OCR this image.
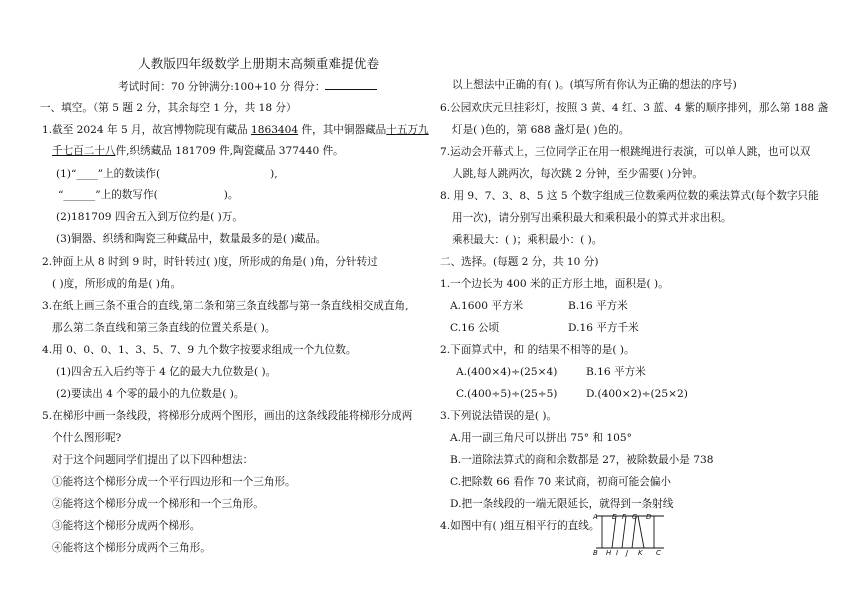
人教版四年级数学上册期末高频重难提优卷
考试时间：70 分钟满分:100+10 分 得分：
一、填空。（第 5 题 2 分，其余每空 1 分，共 18 分）
1.截至 2024 年 5 月，故宫博物院现有藏品 1863404 件，其中铜器藏品十五万九
千七百二十八件,织绣藏品 181709 件,陶瓷藏品 377440 件。
(1)“____”上的数读作(	),
“______”上的数写作(	)。
(2)181709 四舍五入到万位约是( )万。
(3)铜器、织绣和陶瓷三种藏品中，数量最多的是( )藏品。
2.钟面上从 8 时到 9 时，时针转过( )度，所形成的角是( )角，分针转过
( )度，所形成的角是( )角。
3.在纸上画三条不重合的直线,第二条和第三条直线都与第一条直线相交成直角,
那么第二条直线和第三条直线的位置关系是( )。
4.用 0、0、0、1、3、5、7、9 九个数字按要求组成一个九位数。
(1)四舍五入后约等于 4 亿的最大九位数是( )。
(2)要读出 4 个零的最小的九位数是( )。
5.在梯形中画一条线段，将梯形分成两个图形，画出的这条线段能将梯形分成两
个什么图形呢?
对于这个问题同学们提出了以下四种想法：
①能将这个梯形分成一个平行四边形和一个三角形。
②能将这个梯形分成一个梯形和一个三角形。
③能将这个梯形分成两个梯形。
④能将这个梯形分成两个三角形。
以上想法中正确的有( )。(填写所有你认为正确的想法的序号)
6.公园欢庆元旦挂彩灯，按照 3 黄、4 红、3 蓝、4 紫的顺序排列，那么第 188 盏
灯是( )色的，第 688 盏灯是( )色的。
7.运动会开幕式上，三位同学正在用一根跳绳进行表演，可以单人跳，也可以双
人跳,每人跳两次，每次跳 2 分钟，至少需要( )分钟。
8. 用 9、7、3、8、5 这 5 个数字组成三位数乘两位数的乘法算式(每个数字只能
用一次)，请分别写出乘积最大和乘积最小的算式并求出积。
乘积最大：( )；乘积最小：( )。
二、选择。(每题 2 分，共 10 分)
1.一个边长为 400 米的正方形土地，面积是( )。
A.1600 平方米	B.16 平方米
C.16 公顷	D.16 平方千米
2.下面算式中，和 的结果不相等的是( )。
A.(400×4)÷(25×4)	B.16 平方米
C.(400÷5)÷(25÷5)	D.(400×2)÷(25×2)
3.下列说法错误的是( )。
A.用一副三角尺可以拼出 75° 和 105°
B.一道除法算式的商和余数都是 27，被除数最小是 738
C.把除数 66 看作 70 来试商，初商可能会偏小
D.把一条线段的一端无限延长，就得到一条射线
4.如图中有( )组互相平行的直线。
A E F G D
B H I J K C
